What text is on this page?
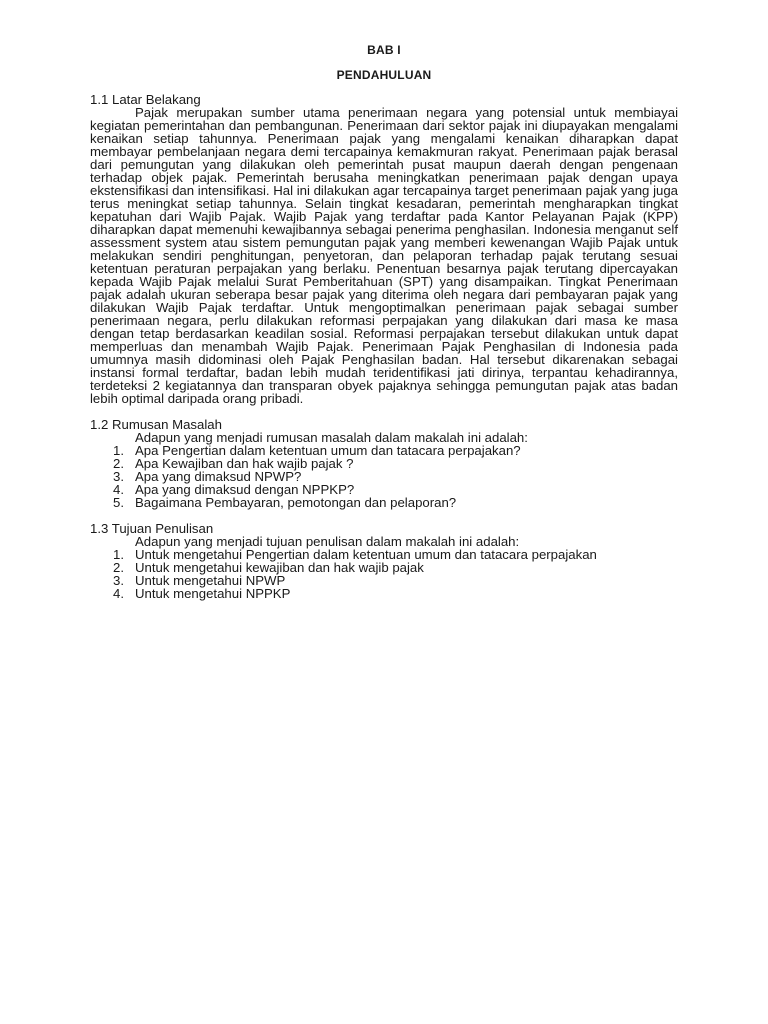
BAB I
PENDAHULUAN

1.1 Latar Belakang

Pajak merupakan sumber utama penerimaan negara yang potensial untuk membiayai kegiatan pemerintahan dan pembangunan. Penerimaan dari sektor pajak ini diupayakan mengalami kenaikan setiap tahunnya. Penerimaan pajak yang mengalami kenaikan diharapkan dapat membayar pembelanjaan negara demi tercapainya kemakmuran rakyat. Penerimaan pajak berasal dari pemungutan yang dilakukan oleh pemerintah pusat maupun daerah dengan pengenaan terhadap objek pajak. Pemerintah berusaha meningkatkan penerimaan pajak dengan upaya ekstensifikasi dan intensifikasi. Hal ini dilakukan agar tercapainya target penerimaan pajak yang juga terus meningkat setiap tahunnya. Selain tingkat kesadaran, pemerintah mengharapkan tingkat kepatuhan dari Wajib Pajak. Wajib Pajak yang terdaftar pada Kantor Pelayanan Pajak (KPP) diharapkan dapat memenuhi kewajibannya sebagai penerima penghasilan. Indonesia menganut self assessment system atau sistem pemungutan pajak yang memberi kewenangan Wajib Pajak untuk melakukan sendiri penghitungan, penyetoran, dan pelaporan terhadap pajak terutang sesuai ketentuan peraturan perpajakan yang berlaku. Penentuan besarnya pajak terutang dipercayakan kepada Wajib Pajak melalui Surat Pemberitahuan (SPT) yang disampaikan. Tingkat Penerimaan pajak adalah ukuran seberapa besar pajak yang diterima oleh negara dari pembayaran pajak yang dilakukan Wajib Pajak terdaftar. Untuk mengoptimalkan penerimaan pajak sebagai sumber penerimaan negara, perlu dilakukan reformasi perpajakan yang dilakukan dari masa ke masa dengan tetap berdasarkan keadilan sosial. Reformasi perpajakan tersebut dilakukan untuk dapat memperluas dan menambah Wajib Pajak. Penerimaan Pajak Penghasilan di Indonesia pada umumnya masih didominasi oleh Pajak Penghasilan badan. Hal tersebut dikarenakan sebagai instansi formal terdaftar, badan lebih mudah teridentifikasi jati dirinya, terpantau kehadirannya, terdeteksi 2 kegiatannya dan transparan obyek pajaknya sehingga pemungutan pajak atas badan lebih optimal daripada orang pribadi.

1.2 Rumusan Masalah

Adapun yang menjadi rumusan masalah dalam makalah ini adalah:

1. Apa Pengertian dalam ketentuan umum dan tatacara perpajakan?
2. Apa Kewajiban dan hak wajib pajak ?
3. Apa yang dimaksud NPWP?
4. Apa yang dimaksud dengan NPPKP?
5. Bagaimana Pembayaran, pemotongan dan pelaporan?

1.3 Tujuan Penulisan

Adapun yang menjadi tujuan penulisan dalam makalah ini adalah:

1. Untuk mengetahui Pengertian dalam ketentuan umum dan tatacara perpajakan
2. Untuk mengetahui kewajiban dan hak wajib pajak
3. Untuk mengetahui NPWP
4. Untuk mengetahui NPPKP
